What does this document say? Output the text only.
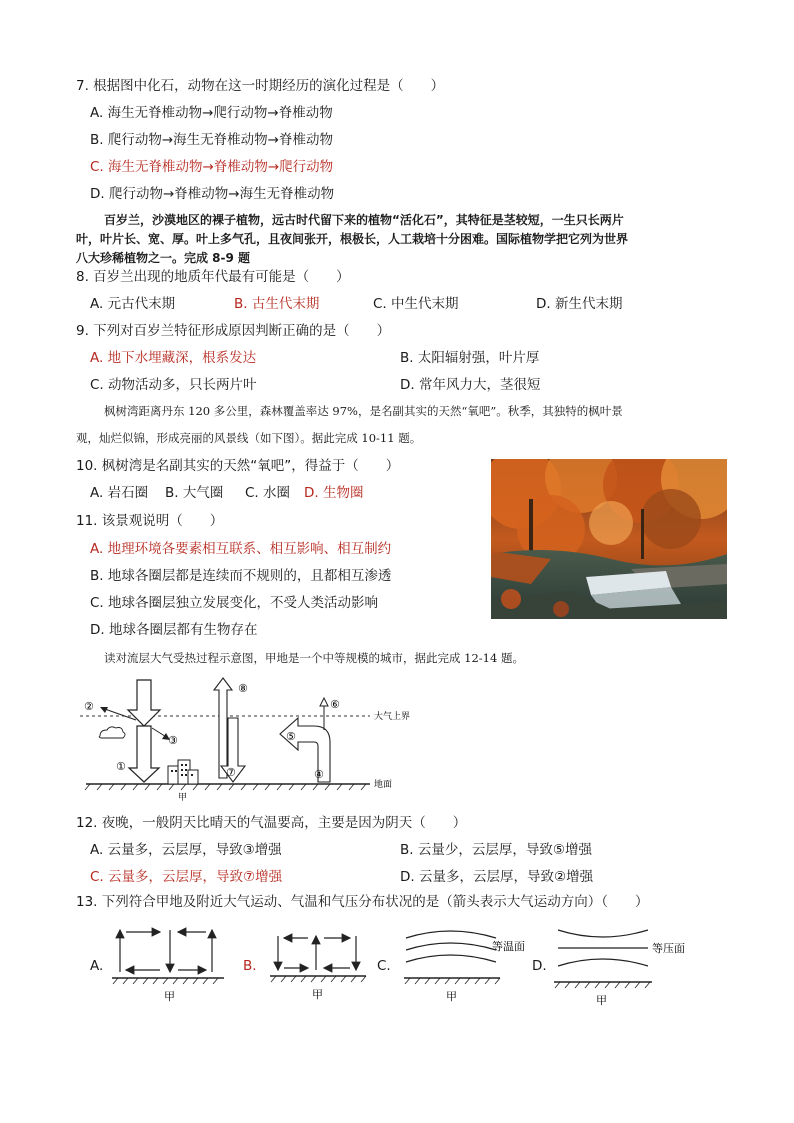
7. 根据图中化石，动物在这一时期经历的演化过程是（　　）
A. 海生无脊椎动物→爬行动物→脊椎动物
B. 爬行动物→海生无脊椎动物→脊椎动物
C. 海生无脊椎动物→脊椎动物→爬行动物
D. 爬行动物→脊椎动物→海生无脊椎动物
百岁兰，沙漠地区的裸子植物，远古时代留下来的植物“活化石”，其特征是茎较短，一生只长两片
叶，叶片长、宽、厚。叶上多气孔，且夜间张开，根极长，人工栽培十分困难。国际植物学把它列为世界
八大珍稀植物之一。完成 8-9 题
8. 百岁兰出现的地质年代最有可能是（　　）
A. 元古代末期	B. 古生代末期	C. 中生代末期	D. 新生代末期
9. 下列对百岁兰特征形成原因判断正确的是（　　）
A. 地下水埋藏深，根系发达	B. 太阳辐射强，叶片厚
C. 动物活动多，只长两片叶	D. 常年风力大，茎很短
枫树湾距离丹东 120 多公里，森林覆盖率达 97%，是名副其实的天然“氧吧”。秋季，其独特的枫叶景
观，灿烂似锦，形成亮丽的风景线（如下图）。据此完成 10-11 题。
10. 枫树湾是名副其实的天然“氧吧”，得益于（　　）
A. 岩石圈 B. 大气圈 C. 水圈 D. 生物圈
11. 该景观说明（　　）
A. 地理环境各要素相互联系、相互影响、相互制约
B. 地球各圈层都是连续而不规则的，且都相互渗透
C. 地球各圈层独立发展变化，不受人类活动影响
D. 地球各圈层都有生物存在
读对流层大气受热过程示意图，甲地是一个中等规模的城市，据此完成 12-14 题。
②
①
③
④
⑤
⑥
⑦
⑧
大气上界
地面
甲
12. 夜晚，一般阴天比晴天的气温要高，主要是因为阴天（　　）
A. 云量多，云层厚，导致③增强	B. 云量少，云层厚，导致⑤增强
C. 云量多，云层厚，导致⑦增强	D. 云量多，云层厚，导致②增强
13. 下列符合甲地及附近大气运动、气温和气压分布状况的是（箭头表示大气运动方向）（　　）
A.	B.	C.	D.
甲	甲
等温面
甲
等压面
甲
